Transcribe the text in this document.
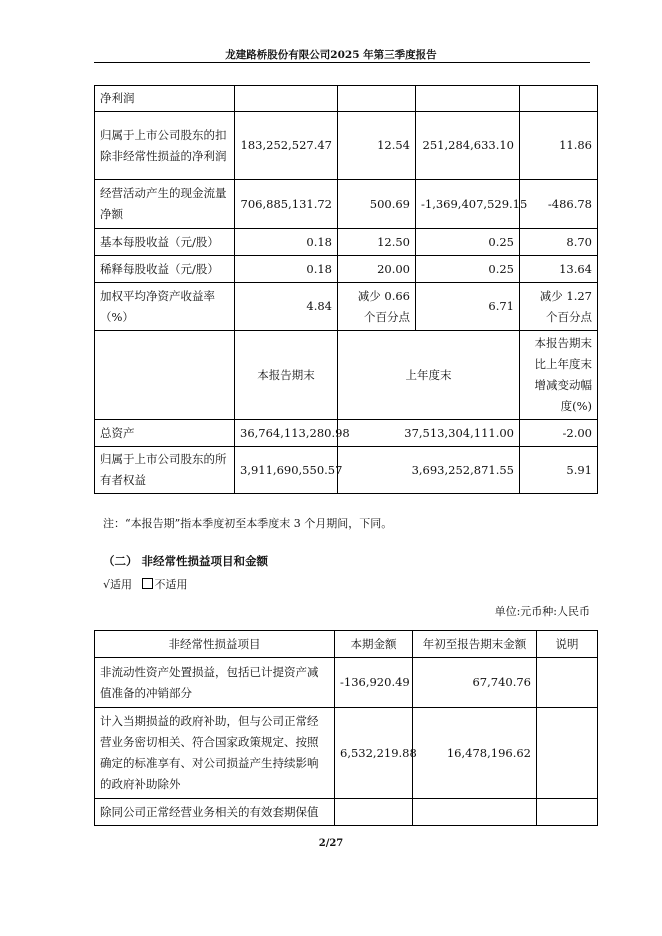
龙建路桥股份有限公司2025 年第三季度报告
净利润				
归属于上市公司股东的扣除非经常性损益的净利润	183,252,527.47	12.54	251,284,633.10	11.86
经营活动产生的现金流量净额	706,885,131.72	500.69	-1,369,407,529.15	-486.78
基本每股收益（元/股）	0.18	12.50	0.25	8.70
稀释每股收益（元/股）	0.18	20.00	0.25	13.64
加权平均净资产收益率（%）	4.84	减少 0.66 个百分点	6.71	减少 1.27 个百分点
	本报告期末	上年度末		本报告期末比上年度末增减变动幅度(%)
总资产	36,764,113,280.98	37,513,304,111.00		-2.00
归属于上市公司股东的所有者权益	3,911,690,550.57	3,693,252,871.55		5.91
注：“本报告期”指本季度初至本季度末 3 个月期间，下同。
（二） 非经常性损益项目和金额
√适用 不适用
单位:元币种:人民币
非经常性损益项目	本期金额	年初至报告期末金额	说明
非流动性资产处置损益，包括已计提资产减值准备的冲销部分	-136,920.49	67,740.76	
计入当期损益的政府补助，但与公司正常经营业务密切相关、符合国家政策规定、按照确定的标准享有、对公司损益产生持续影响的政府补助除外	6,532,219.88	16,478,196.62	
除同公司正常经营业务相关的有效套期保值			
2/27
